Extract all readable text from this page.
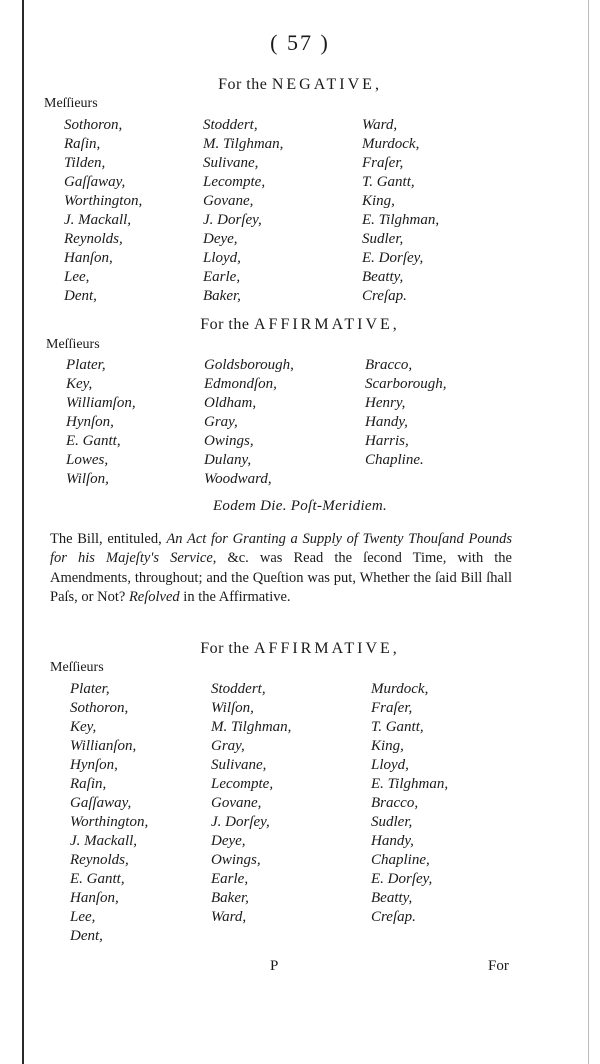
( 57 )
For the NEGATIVE,
Meſſieurs
Sothoron,
Raſin,
Tilden,
Gaſſaway,
Worthington,
J. Mackall,
Reynolds,
Hanſon,
Lee,
Dent,
Stoddert,
M. Tilghman,
Sulivane,
Lecompte,
Govane,
J. Dorſey,
Deye,
Lloyd,
Earle,
Baker,
Ward,
Murdock,
Fraſer,
T. Gantt,
King,
E. Tilghman,
Sudler,
E. Dorſey,
Beatty,
Creſap.
For the AFFIRMATIVE,
Meſſieurs
Plater,
Key,
Williamſon,
Hynſon,
E. Gantt,
Lowes,
Wilſon,
Goldsborough,
Edmondſon,
Oldham,
Gray,
Owings,
Dulany,
Woodward,
Bracco,
Scarborough,
Henry,
Handy,
Harris,
Chapline.
Eodem Die. Poſt-Meridiem.
The Bill, entituled, An Act for Granting a Supply of Twenty Thouſand Pounds for his Majeſty's Service, &c. was Read the ſecond Time, with the Amendments, throughout; and the Queſtion was put, Whether the ſaid Bill ſhall Paſs, or Not? Reſolved in the Affirmative.
For the AFFIRMATIVE,
Meſſieurs
Plater,
Sothoron,
Key,
Willianſon,
Hynſon,
Raſin,
Gaſſaway,
Worthington,
J. Mackall,
Reynolds,
E. Gantt,
Hanſon,
Lee,
Dent,
Stoddert,
Wilſon,
M. Tilghman,
Gray,
Sulivane,
Lecompte,
Govane,
J. Dorſey,
Deye,
Owings,
Earle,
Baker,
Ward,
Murdock,
Fraſer,
T. Gantt,
King,
Lloyd,
E. Tilghman,
Bracco,
Sudler,
Handy,
Chapline,
E. Dorſey,
Beatty,
Creſap.
P	For
